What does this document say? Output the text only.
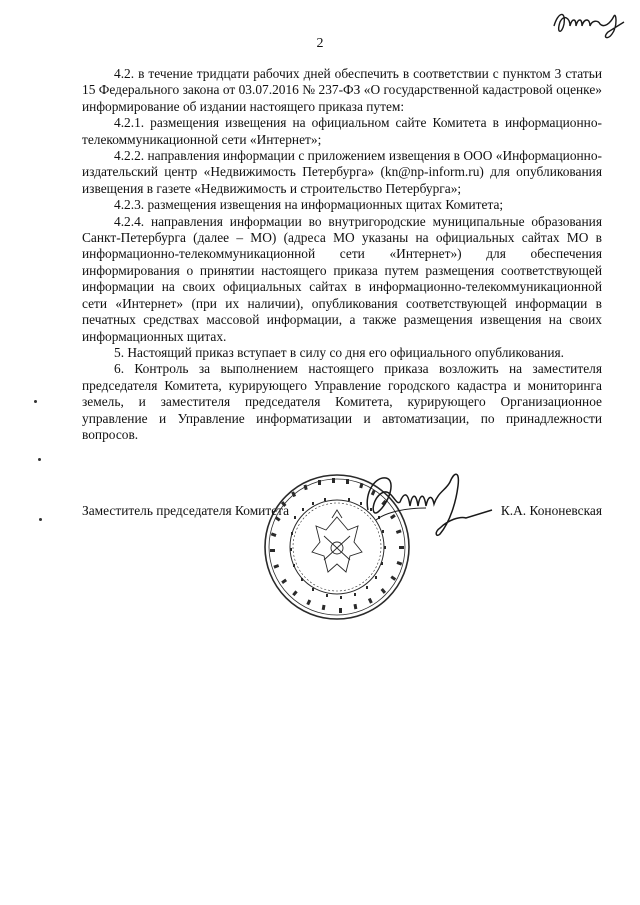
2

4.2. в течение тридцати рабочих дней обеспечить в соответствии с пунктом 3 статьи 15 Федерального закона от 03.07.2016 № 237-ФЗ «О государственной кадастровой оценке» информирование об издании настоящего приказа путем:

4.2.1. размещения извещения на официальном сайте Комитета в информационно-телекоммуникационной сети «Интернет»;

4.2.2. направления информации с приложением извещения в ООО «Информационно-издательский центр «Недвижимость Петербурга» (kn@np-inform.ru) для опубликования извещения в газете «Недвижимость и строительство Петербурга»;

4.2.3. размещения извещения на информационных щитах Комитета;

4.2.4. направления информации во внутригородские муниципальные образования Санкт-Петербурга (далее – МО) (адреса МО указаны на официальных сайтах МО в информационно-телекоммуникационной сети «Интернет») для обеспечения информирования о принятии настоящего приказа путем размещения соответствующей информации на своих официальных сайтах в информационно-телекоммуникационной сети «Интернет» (при их наличии), опубликования соответствующей информации в печатных средствах массовой информации, а также размещения извещения на своих информационных щитах.

5. Настоящий приказ вступает в силу со дня его официального опубликования.

6. Контроль за выполнением настоящего приказа возложить на заместителя председателя Комитета, курирующего Управление городского кадастра и мониторинга земель, и заместителя председателя Комитета, курирующего Организационное управление и Управление информатизации и автоматизации, по принадлежности вопросов.

Заместитель председателя Комитета	К.А. Кононевская
